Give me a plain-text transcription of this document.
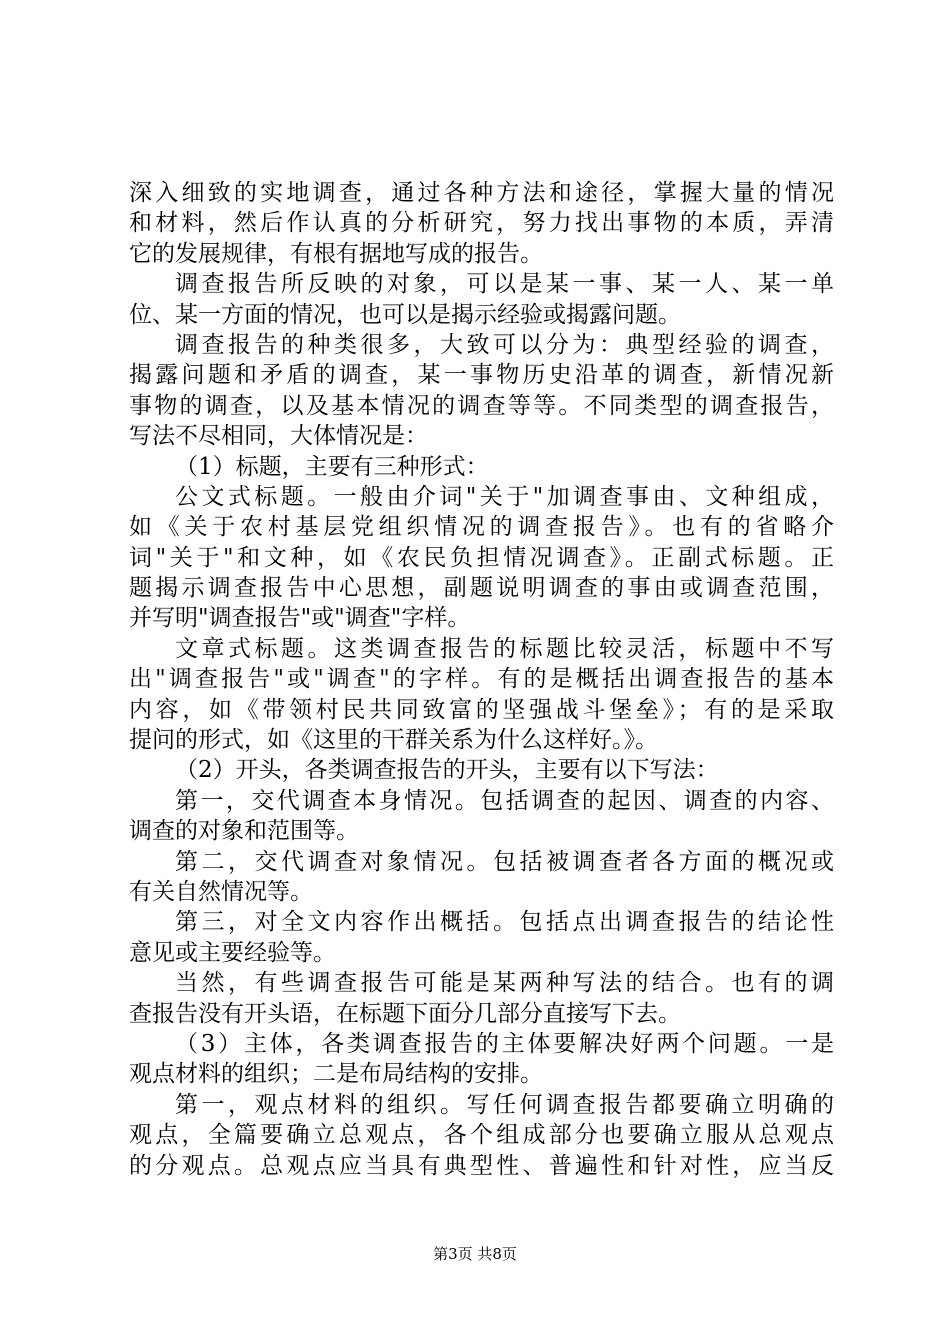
深入细致的实地调查，通过各种方法和途径，掌握大量的情况
和材料，然后作认真的分析研究，努力找出事物的本质，弄清
它的发展规律，有根有据地写成的报告。
调查报告所反映的对象，可以是某一事、某一人、某一单
位、某一方面的情况，也可以是揭示经验或揭露问题。
调查报告的种类很多，大致可以分为：典型经验的调查，
揭露问题和矛盾的调查，某一事物历史沿革的调查，新情况新
事物的调查，以及基本情况的调查等等。不同类型的调查报告，
写法不尽相同，大体情况是：
（1）标题，主要有三种形式：
公文式标题。一般由介词"关于"加调查事由、文种组成，
如《关于农村基层党组织情况的调查报告》。也有的省略介
词"关于"和文种，如《农民负担情况调查》。正副式标题。正
题揭示调查报告中心思想，副题说明调查的事由或调查范围，
并写明"调查报告"或"调查"字样。
文章式标题。这类调查报告的标题比较灵活，标题中不写
出"调查报告"或"调查"的字样。有的是概括出调查报告的基本
内容，如《带领村民共同致富的坚强战斗堡垒》；有的是采取
提问的形式，如《这里的干群关系为什么这样好。》。
（2）开头，各类调查报告的开头，主要有以下写法：
第一，交代调查本身情况。包括调查的起因、调查的内容、
调查的对象和范围等。
第二，交代调查对象情况。包括被调查者各方面的概况或
有关自然情况等。
第三，对全文内容作出概括。包括点出调查报告的结论性
意见或主要经验等。
当然，有些调查报告可能是某两种写法的结合。也有的调
查报告没有开头语，在标题下面分几部分直接写下去。
（3）主体，各类调查报告的主体要解决好两个问题。一是
观点材料的组织；二是布局结构的安排。
第一，观点材料的组织。写任何调查报告都要确立明确的
观点，全篇要确立总观点，各个组成部分也要确立服从总观点
的分观点。总观点应当具有典型性、普遍性和针对性，应当反
第3页 共8页
